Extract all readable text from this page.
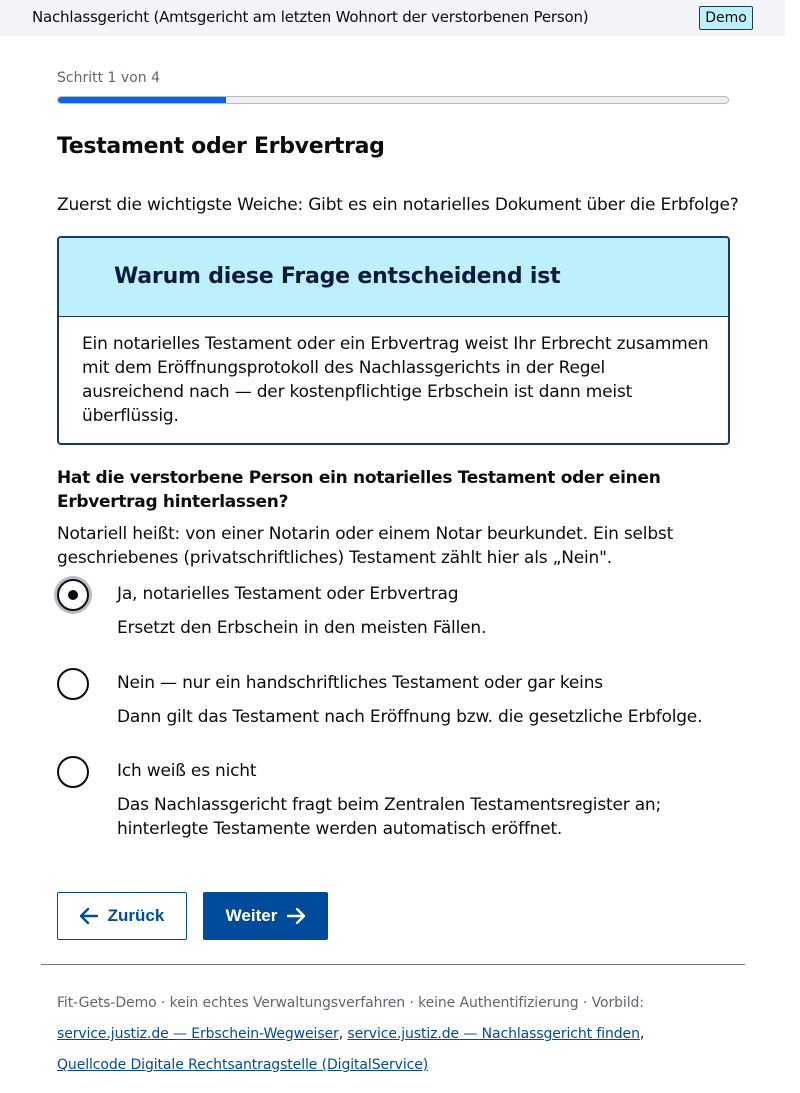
Nachlassgericht (Amtsgericht am letzten Wohnort der verstorbenen Person)	Demo
Schritt 1 von 4
Testament oder Erbvertrag

Zuerst die wichtigste Weiche: Gibt es ein notarielles Dokument über die Erbfolge?

Warum diese Frage entscheidend ist

Ein notarielles Testament oder ein Erbvertrag weist Ihr Erbrecht zusammen mit dem Eröffnungsprotokoll des Nachlassgerichts in der Regel ausreichend nach — der kostenpflichtige Erbschein ist dann meist überflüssig.

Hat die verstorbene Person ein notarielles Testament oder einen Erbvertrag hinterlassen?
Notariell heißt: von einer Notarin oder einem Notar beurkundet. Ein selbst geschriebenes (privatschriftliches) Testament zählt hier als „Nein".
Ja, notarielles Testament oder Erbvertrag
Ersetzt den Erbschein in den meisten Fällen.
Nein — nur ein handschriftliches Testament oder gar keins
Dann gilt das Testament nach Eröffnung bzw. die gesetzliche Erbfolge.
Ich weiß es nicht
Das Nachlassgericht fragt beim Zentralen Testamentsregister an; hinterlegte Testamente werden automatisch eröffnet.
Zurück	Weiter
Fit-Gets-Demo · kein echtes Verwaltungsverfahren · keine Authentifizierung · Vorbild:
service.justiz.de — Erbschein-Wegweiser, service.justiz.de — Nachlassgericht finden,
Quellcode Digitale Rechtsantragstelle (DigitalService)
